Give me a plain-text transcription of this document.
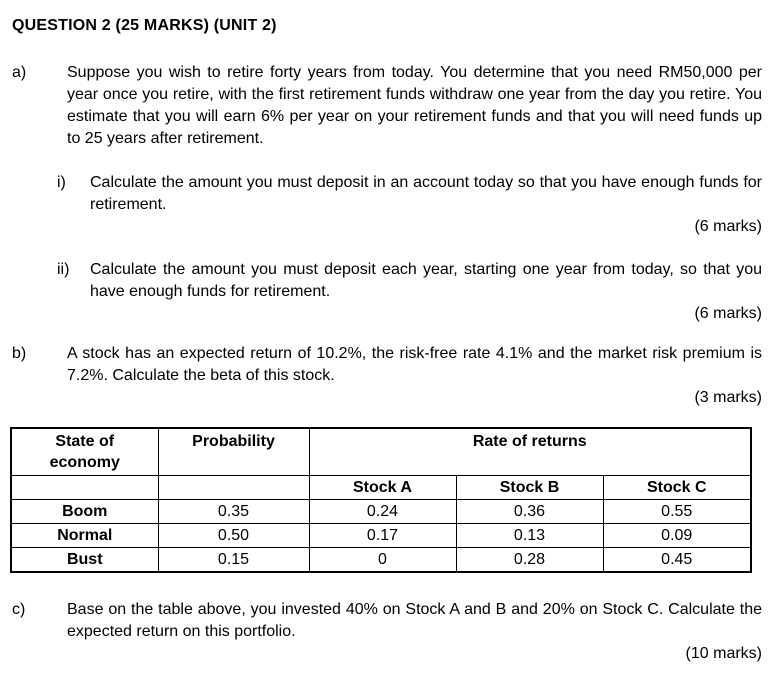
QUESTION 2 (25 MARKS) (UNIT 2)
a)	Suppose you wish to retire forty years from today. You determine that you need RM50,000 per year once you retire, with the first retirement funds withdraw one year from the day you retire. You estimate that you will earn 6% per year on your retirement funds and that you will need funds up to 25 years after retirement.
i)	Calculate the amount you must deposit in an account today so that you have enough funds for retirement.
(6 marks)
ii)	Calculate the amount you must deposit each year, starting one year from today, so that you have enough funds for retirement.
(6 marks)
b)	A stock has an expected return of 10.2%, the risk-free rate 4.1% and the market risk premium is 7.2%. Calculate the beta of this stock.
(3 marks)
State of economy	Probability	Rate of returns		
		Stock A	Stock B	Stock C
Boom	0.35	0.24	0.36	0.55
Normal	0.50	0.17	0.13	0.09
Bust	0.15	0	0.28	0.45
c)	Base on the table above, you invested 40% on Stock A and B and 20% on Stock C. Calculate the expected return on this portfolio.
(10 marks)
